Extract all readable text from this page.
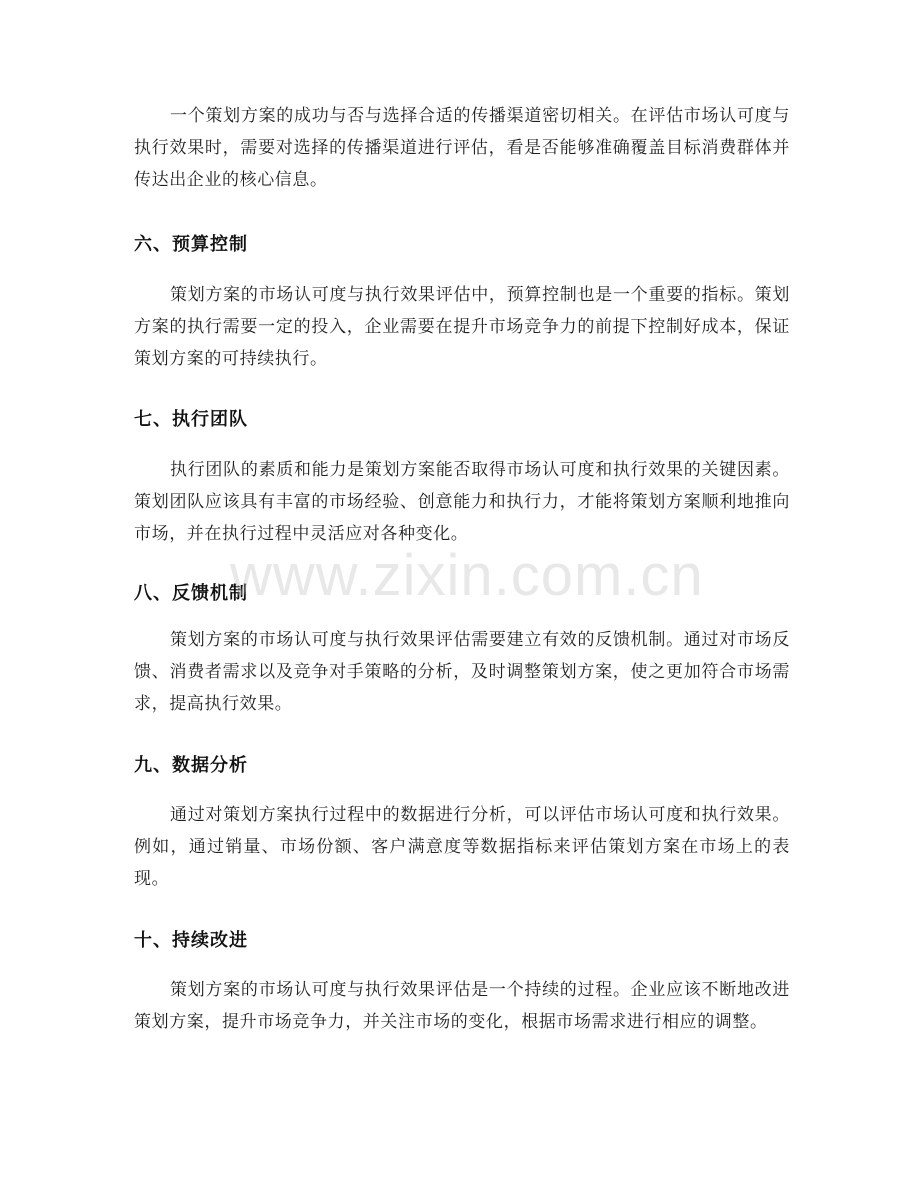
一个策划方案的成功与否与选择合适的传播渠道密切相关。在评估市场认可度与执行效果时，需要对选择的传播渠道进行评估，看是否能够准确覆盖目标消费群体并传达出企业的核心信息。

六、预算控制

策划方案的市场认可度与执行效果评估中，预算控制也是一个重要的指标。策划方案的执行需要一定的投入，企业需要在提升市场竞争力的前提下控制好成本，保证策划方案的可持续执行。

七、执行团队

执行团队的素质和能力是策划方案能否取得市场认可度和执行效果的关键因素。策划团队应该具有丰富的市场经验、创意能力和执行力，才能将策划方案顺利地推向市场，并在执行过程中灵活应对各种变化。

八、反馈机制

策划方案的市场认可度与执行效果评估需要建立有效的反馈机制。通过对市场反馈、消费者需求以及竞争对手策略的分析，及时调整策划方案，使之更加符合市场需求，提高执行效果。

九、数据分析

通过对策划方案执行过程中的数据进行分析，可以评估市场认可度和执行效果。例如，通过销量、市场份额、客户满意度等数据指标来评估策划方案在市场上的表现。

十、持续改进

策划方案的市场认可度与执行效果评估是一个持续的过程。企业应该不断地改进策划方案，提升市场竞争力，并关注市场的变化，根据市场需求进行相应的调整。

www.zixin.com.cn
